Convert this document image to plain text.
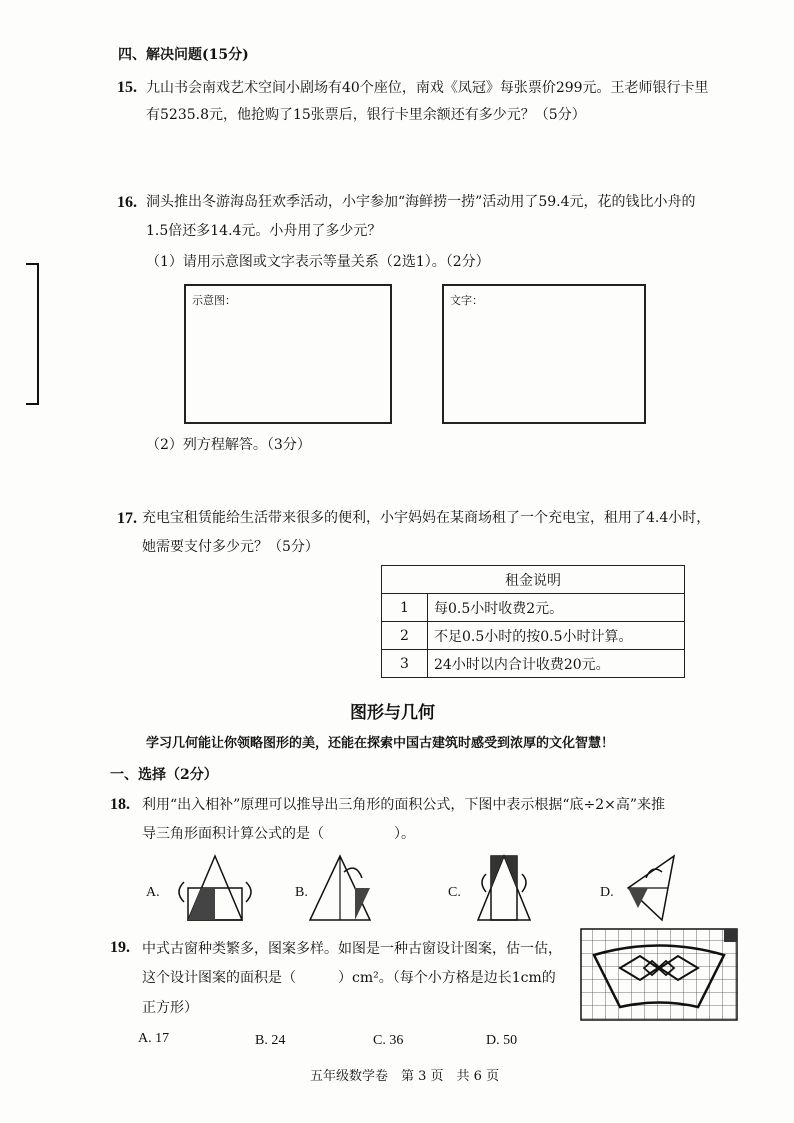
四、解决问题(15分)
15. 九山书会南戏艺术空间小剧场有40个座位，南戏《凤冠》每张票价299元。王老师银行卡里
有5235.8元，他抢购了15张票后，银行卡里余额还有多少元？（5分）
16. 洞头推出冬游海岛狂欢季活动，小宇参加“海鲜捞一捞”活动用了59.4元，花的钱比小舟的
1.5倍还多14.4元。小舟用了多少元？
（1）请用示意图或文字表示等量关系（2选1）。（2分）
示意图：	文字：
（2）列方程解答。（3分）
17. 充电宝租赁能给生活带来很多的便利，小宇妈妈在某商场租了一个充电宝，租用了4.4小时，
她需要支付多少元？（5分）
租金说明	
1	每0.5小时收费2元。
2	不足0.5小时的按0.5小时计算。
3	24小时以内合计收费20元。
图形与几何
学习几何能让你领略图形的美，还能在探索中国古建筑时感受到浓厚的文化智慧！
一、选择（2分）
18. 利用“出入相补”原理可以推导出三角形的面积公式，下图中表示根据“底÷2×高”来推
导三角形面积计算公式的是（　　　　　）。
A.	B.	C.	D.
19. 中式古窗种类繁多，图案多样。如图是一种古窗设计图案，估一估，
这个设计图案的面积是（　　　）cm²。（每个小方格是边长1cm的
正方形）
A. 17	B. 24	C. 36	D. 50
五年级数学卷　第 3 页　共 6 页
